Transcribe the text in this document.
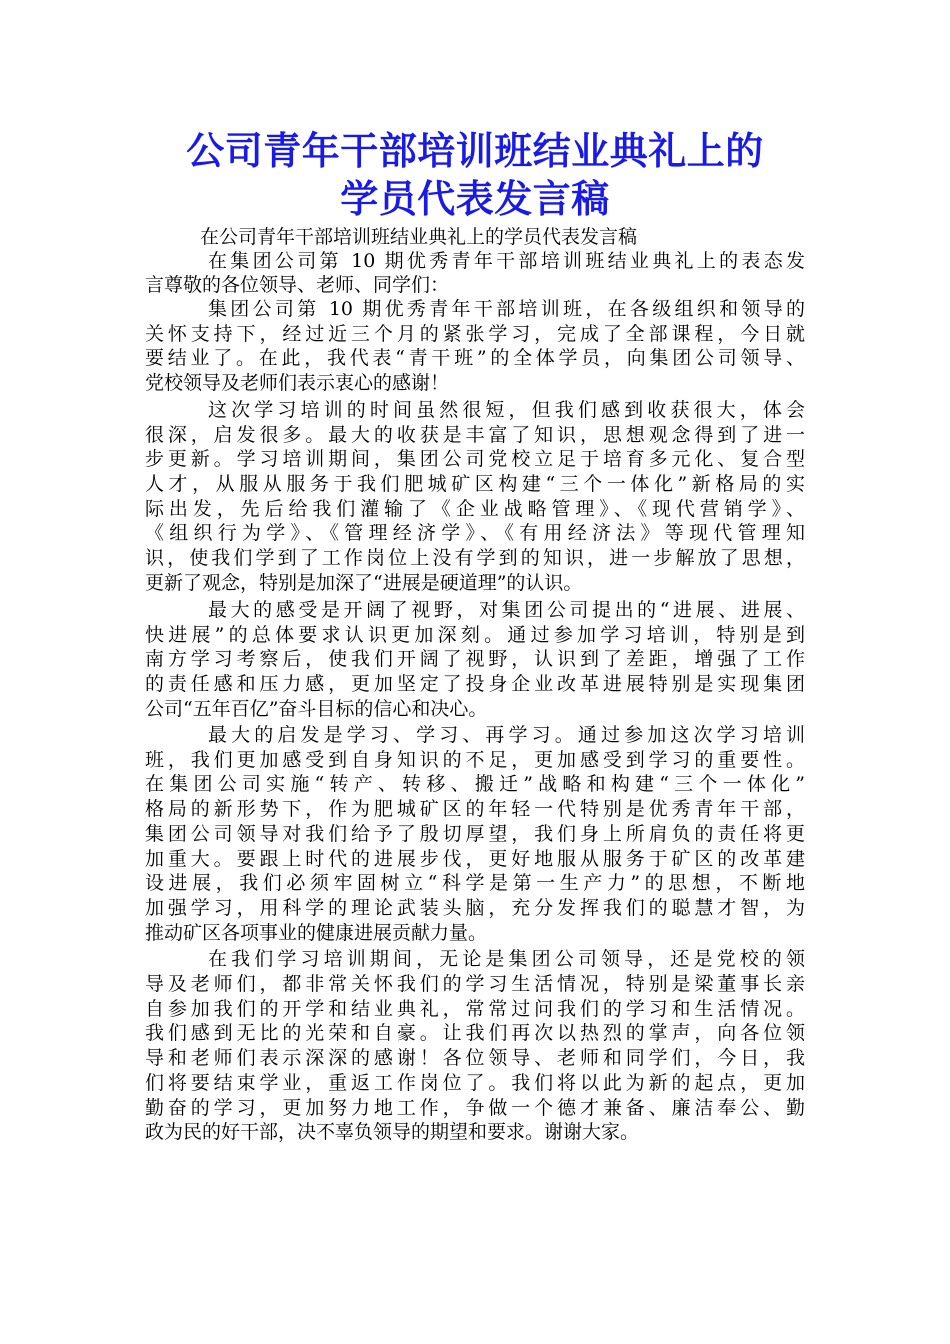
公司青年干部培训班结业典礼上的
学员代表发言稿
在公司青年干部培训班结业典礼上的学员代表发言稿
在集团公司第 10 期优秀青年干部培训班结业典礼上的表态发
言尊敬的各位领导、老师、同学们：
集团公司第 10 期优秀青年干部培训班，在各级组织和领导的
关怀支持下，经过近三个月的紧张学习，完成了全部课程，今日就
要结业了。在此，我代表“青干班”的全体学员，向集团公司领导、
党校领导及老师们表示衷心的感谢！
这次学习培训的时间虽然很短，但我们感到收获很大，体会
很深，启发很多。最大的收获是丰富了知识，思想观念得到了进一
步更新。学习培训期间，集团公司党校立足于培育多元化、复合型
人才，从服从服务于我们肥城矿区构建“三个一体化”新格局的实
际出发，先后给我们灌输了《企业战略管理》、《现代营销学》、
《组织行为学》、《管理经济学》、《有用经济法》等现代管理知
识，使我们学到了工作岗位上没有学到的知识，进一步解放了思想，
更新了观念，特别是加深了“进展是硬道理”的认识。
最大的感受是开阔了视野，对集团公司提出的“进展、进展、
快进展”的总体要求认识更加深刻。通过参加学习培训，特别是到
南方学习考察后，使我们开阔了视野，认识到了差距，增强了工作
的责任感和压力感，更加坚定了投身企业改革进展特别是实现集团
公司“五年百亿”奋斗目标的信心和决心。
最大的启发是学习、学习、再学习。通过参加这次学习培训
班，我们更加感受到自身知识的不足，更加感受到学习的重要性。
在集团公司实施“转产、转移、搬迁”战略和构建“三个一体化”
格局的新形势下，作为肥城矿区的年轻一代特别是优秀青年干部，
集团公司领导对我们给予了殷切厚望，我们身上所肩负的责任将更
加重大。要跟上时代的进展步伐，更好地服从服务于矿区的改革建
设进展，我们必须牢固树立“科学是第一生产力”的思想，不断地
加强学习，用科学的理论武装头脑，充分发挥我们的聪慧才智，为
推动矿区各项事业的健康进展贡献力量。
在我们学习培训期间，无论是集团公司领导，还是党校的领
导及老师们，都非常关怀我们的学习生活情况，特别是梁董事长亲
自参加我们的开学和结业典礼，常常过问我们的学习和生活情况。
我们感到无比的光荣和自豪。让我们再次以热烈的掌声，向各位领
导和老师们表示深深的感谢！各位领导、老师和同学们，今日，我
们将要结束学业，重返工作岗位了。我们将以此为新的起点，更加
勤奋的学习，更加努力地工作，争做一个德才兼备、廉洁奉公、勤
政为民的好干部，决不辜负领导的期望和要求。谢谢大家。
